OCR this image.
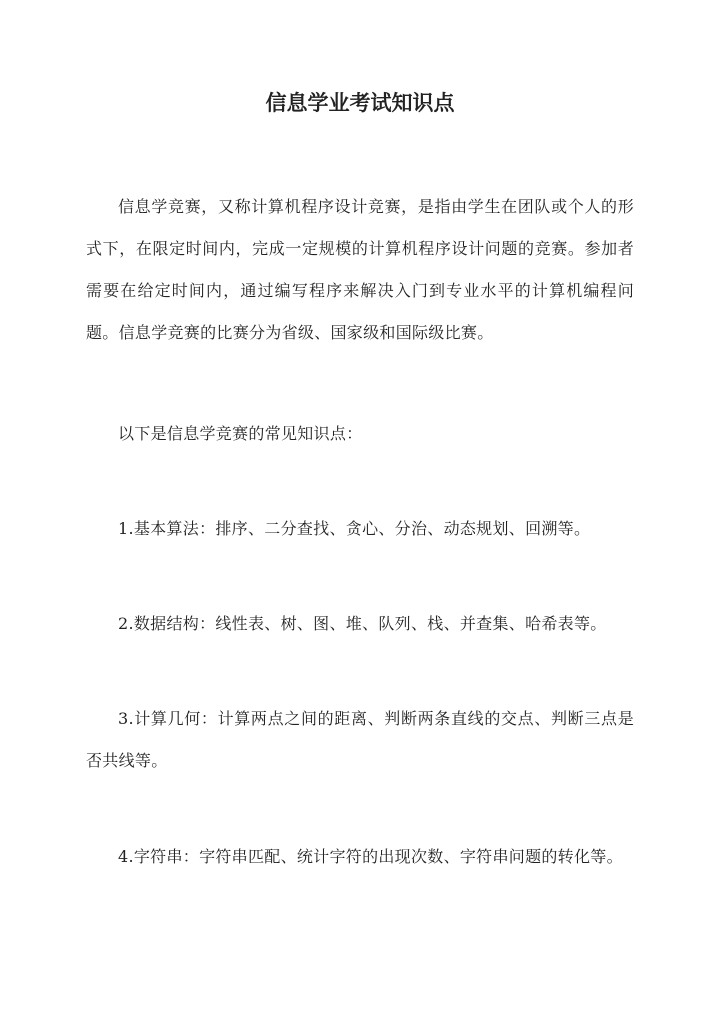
信息学业考试知识点

信息学竞赛，又称计算机程序设计竞赛，是指由学生在团队或个人的形式下，在限定时间内，完成一定规模的计算机程序设计问题的竞赛。参加者需要在给定时间内，通过编写程序来解决入门到专业水平的计算机编程问题。信息学竞赛的比赛分为省级、国家级和国际级比赛。

以下是信息学竞赛的常见知识点：

1.基本算法：排序、二分查找、贪心、分治、动态规划、回溯等。

2.数据结构：线性表、树、图、堆、队列、栈、并查集、哈希表等。

3.计算几何：计算两点之间的距离、判断两条直线的交点、判断三点是否共线等。

4.字符串：字符串匹配、统计字符的出现次数、字符串问题的转化等。
